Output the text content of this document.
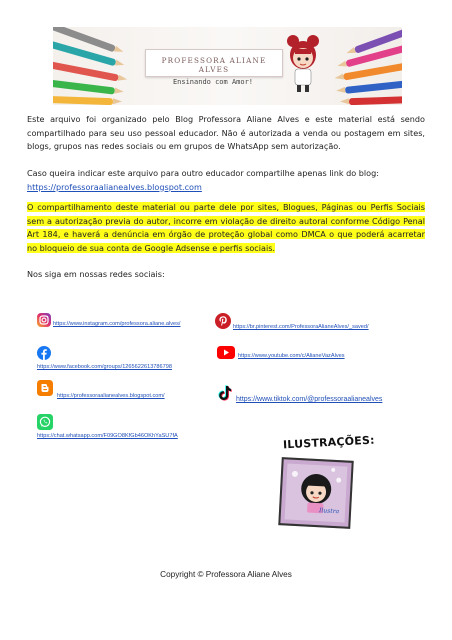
PROFESSORA ALIANE ALVES
Ensinando com Amor!

Este arquivo foi organizado pelo Blog Professora Aliane Alves e este material está sendo compartilhado para seu uso pessoal educador. Não é autorizada a venda ou postagem em sites, blogs, grupos nas redes sociais ou em grupos de WhatsApp sem autorização.

Caso queira indicar este arquivo para outro educador compartilhe apenas link do blog:
https://professoraalianealves.blogspot.com

O compartilhamento deste material ou parte dele por sites, Blogues, Páginas ou Perfis Sociais sem a autorização previa do autor, incorre em violação de direito autoral conforme Código Penal Art 184, e haverá a denúncia em órgão de proteção global como DMCA o que poderá acarretar no bloqueio de sua conta de Google Adsense e perfis sociais.

Nos siga em nossas redes sociais:

https://www.instagram.com/professora.aliane.alves/	https://br.pinterest.com/ProfessoraAlianeAlves/_saved/
https://www.facebook.com/groups/1265622613786798
https://www.youtube.com/c/AlianeVazAlves
https://professoraalianealves.blogspot.com/	https://www.tiktok.com/@professoraalianealves
https://chat.whatsapp.com/F09GO8KfGb46OKhYaSU7fA	ILUSTRAÇÕES:
Ilustra
Copyright © Professora Aliane Alves
